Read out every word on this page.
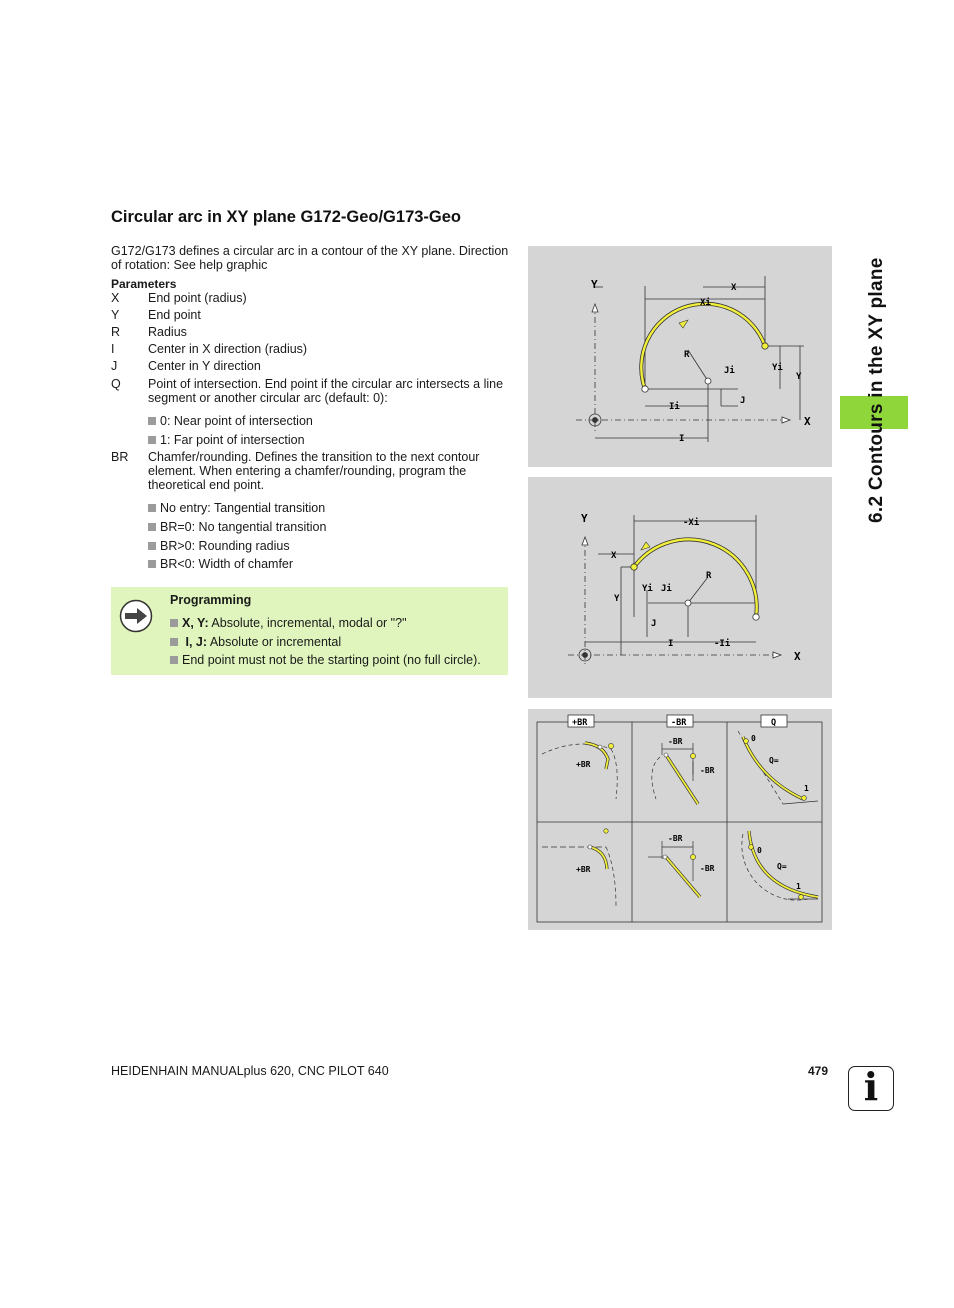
Circular arc in XY plane G172-Geo/G173-Geo

G172/G173 defines a circular arc in a contour of the XY plane. Direction of rotation: See help graphic

Parameters
X	End point (radius)
Y	End point
R	Radius
I	Center in X direction (radius)
J	Center in Y direction
Q	Point of intersection. End point if the circular arc intersects a line segment or another circular arc (default: 0):
0: Near point of intersection
1: Far point of intersection
BR	Chamfer/rounding. Defines the transition to the next contour element. When entering a chamfer/rounding, program the theoretical end point.
No entry: Tangential transition
BR=0: No tangential transition
BR>0: Rounding radius
BR<0: Width of chamfer
Programming
X, Y: Absolute, incremental, modal or "?"
I, J: Absolute or incremental
End point must not be the starting point (no full circle).
Y
X
X
Xi
R
Ji	Yi
Y
J
Ii
I
Y
X
-Xi
X
R
Yi Ji
Y
J
I	-Ii
+BR	-BR	Q
+BR
-BR
-BR
0
1
Q=
+BR
-BR
-BR
0
1
Q=
6.2 Contours in the XY plane
HEIDENHAIN MANUALplus 620, CNC PILOT 640	479 i
